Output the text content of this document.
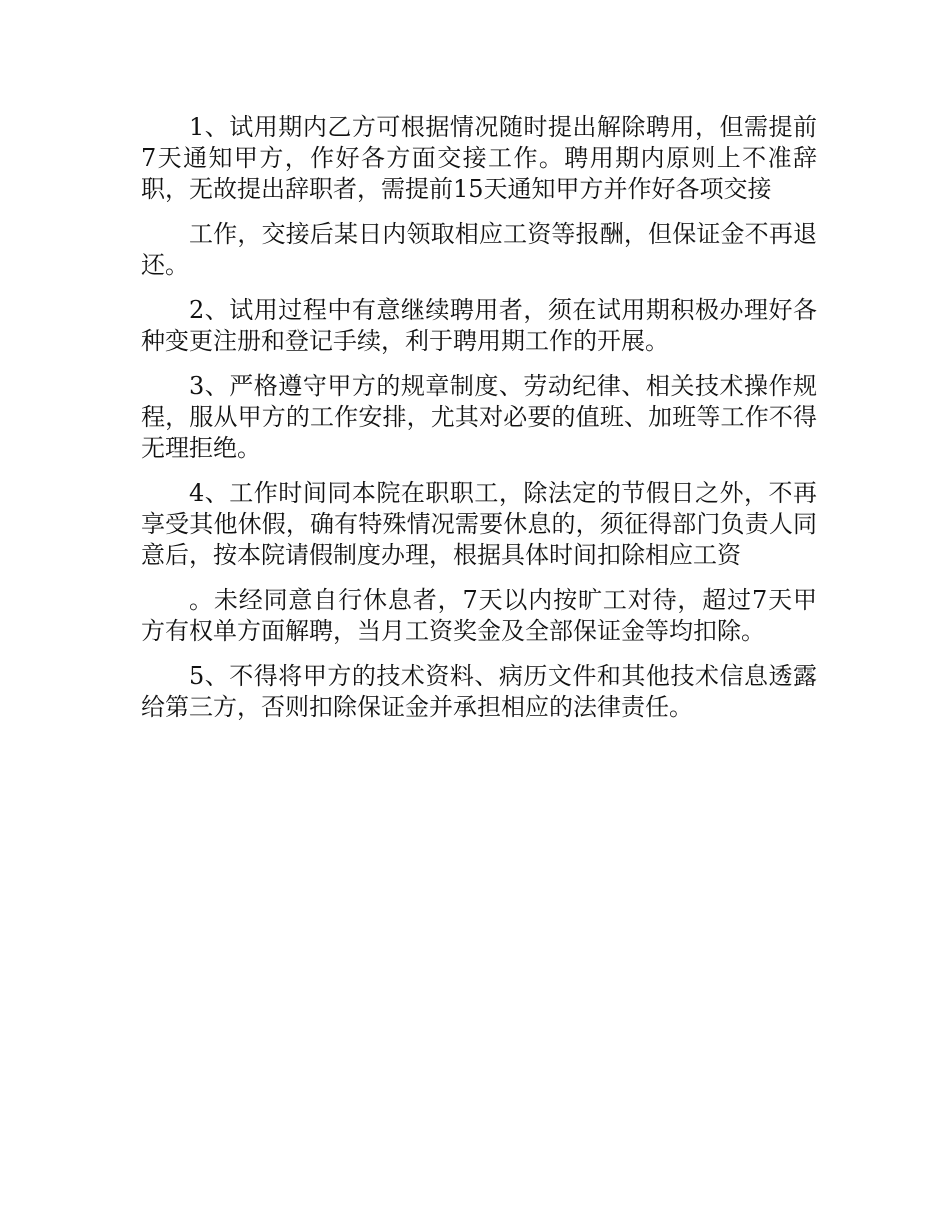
1、试用期内乙方可根据情况随时提出解除聘用，但需提前7天通知甲方，作好各方面交接工作。聘用期内原则上不准辞职，无故提出辞职者，需提前15天通知甲方并作好各项交接

工作，交接后某日内领取相应工资等报酬，但保证金不再退还。

2、试用过程中有意继续聘用者，须在试用期积极办理好各种变更注册和登记手续，利于聘用期工作的开展。

3、严格遵守甲方的规章制度、劳动纪律、相关技术操作规程，服从甲方的工作安排，尤其对必要的值班、加班等工作不得无理拒绝。

4、工作时间同本院在职职工，除法定的节假日之外，不再享受其他休假，确有特殊情况需要休息的，须征得部门负责人同意后，按本院请假制度办理，根据具体时间扣除相应工资

。未经同意自行休息者，7天以内按旷工对待，超过7天甲方有权单方面解聘，当月工资奖金及全部保证金等均扣除。

5、不得将甲方的技术资料、病历文件和其他技术信息透露给第三方，否则扣除保证金并承担相应的法律责任。
